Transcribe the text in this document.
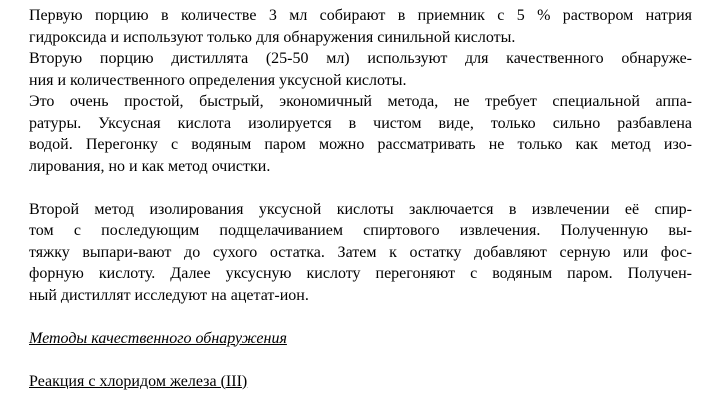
Первую порцию в количестве 3 мл собирают в приемник с 5 % раствором натрия
гидроксида и используют только для обнаружения синильной кислоты.
Вторую порцию дистиллята (25-50 мл) используют для качественного обнаруже-
ния и количественного определения уксусной кислоты.
Это очень простой, быстрый, экономичный метода, не требует специальной аппа-
ратуры. Уксусная кислота изолируется в чистом виде, только сильно разбавлена
водой. Перегонку с водяным паром можно рассматривать не только как метод изо-
лирования, но и как метод очистки.
Второй метод изолирования уксусной кислоты заключается в извлечении её спир-
том с последующим подщелачиванием спиртового извлечения. Полученную вы-
тяжку выпари-вают до сухого остатка. Затем к остатку добавляют серную или фос-
форную кислоту. Далее уксусную кислоту перегоняют с водяным паром. Получен-
ный дистиллят исследуют на ацетат-ион.
Методы качественного обнаружения
Реакция с хлоридом железа (III)
